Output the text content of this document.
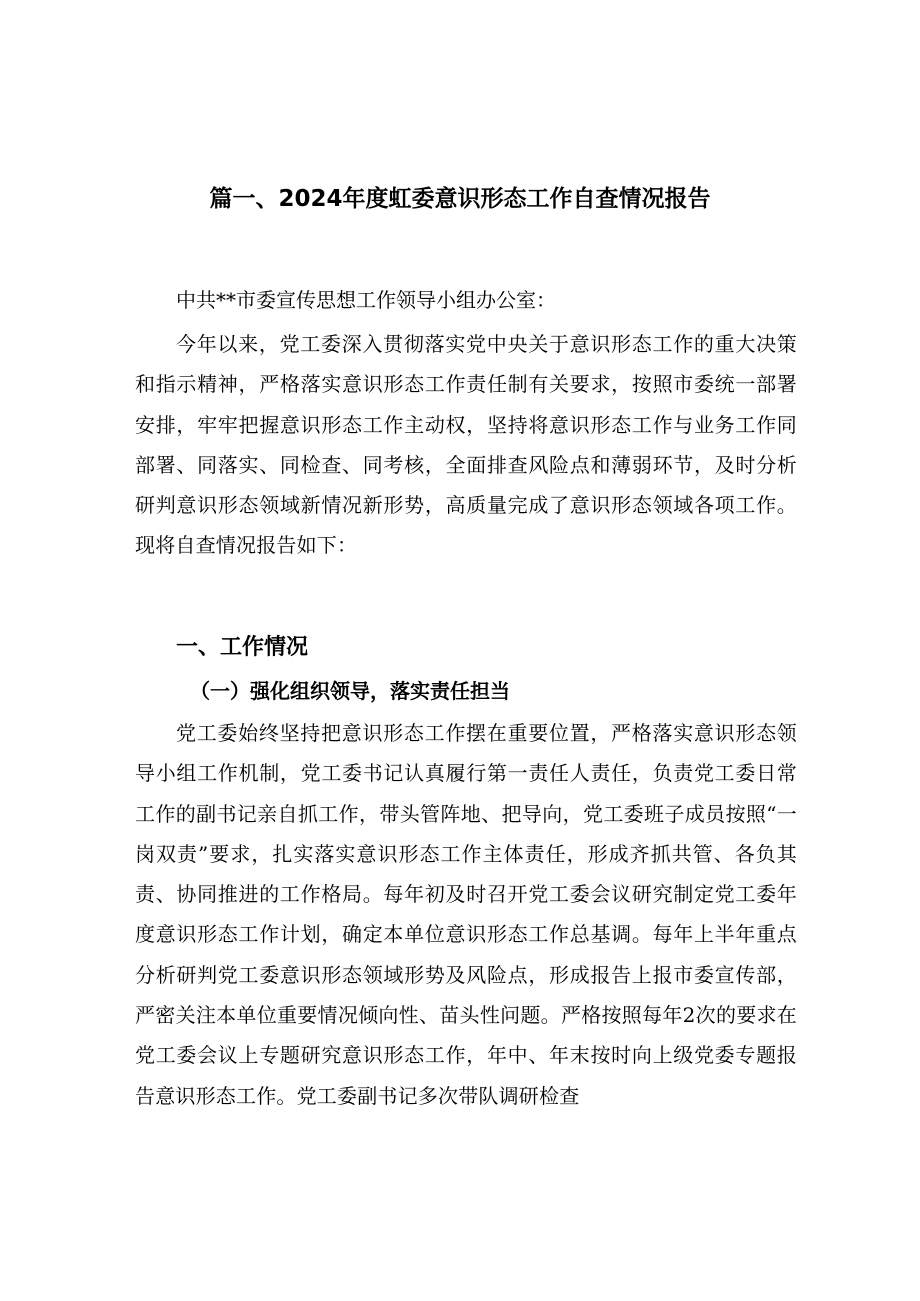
篇一、2024年度虹委意识形态工作自查情况报告

中共**市委宣传思想工作领导小组办公室：

今年以来，党工委深入贯彻落实党中央关于意识形态工作的重大决策和指示精神，严格落实意识形态工作责任制有关要求，按照市委统一部署安排，牢牢把握意识形态工作主动权，坚持将意识形态工作与业务工作同部署、同落实、同检查、同考核，全面排查风险点和薄弱环节，及时分析研判意识形态领域新情况新形势，高质量完成了意识形态领域各项工作。现将自查情况报告如下：

一、工作情况
（一）强化组织领导，落实责任担当

党工委始终坚持把意识形态工作摆在重要位置，严格落实意识形态领导小组工作机制，党工委书记认真履行第一责任人责任，负责党工委日常工作的副书记亲自抓工作，带头管阵地、把导向，党工委班子成员按照“一岗双责”要求，扎实落实意识形态工作主体责任，形成齐抓共管、各负其责、协同推进的工作格局。每年初及时召开党工委会议研究制定党工委年度意识形态工作计划，确定本单位意识形态工作总基调。每年上半年重点分析研判党工委意识形态领域形势及风险点，形成报告上报市委宣传部，严密关注本单位重要情况倾向性、苗头性问题。严格按照每年2次的要求在党工委会议上专题研究意识形态工作，年中、年末按时向上级党委专题报告意识形态工作。党工委副书记多次带队调研检查
